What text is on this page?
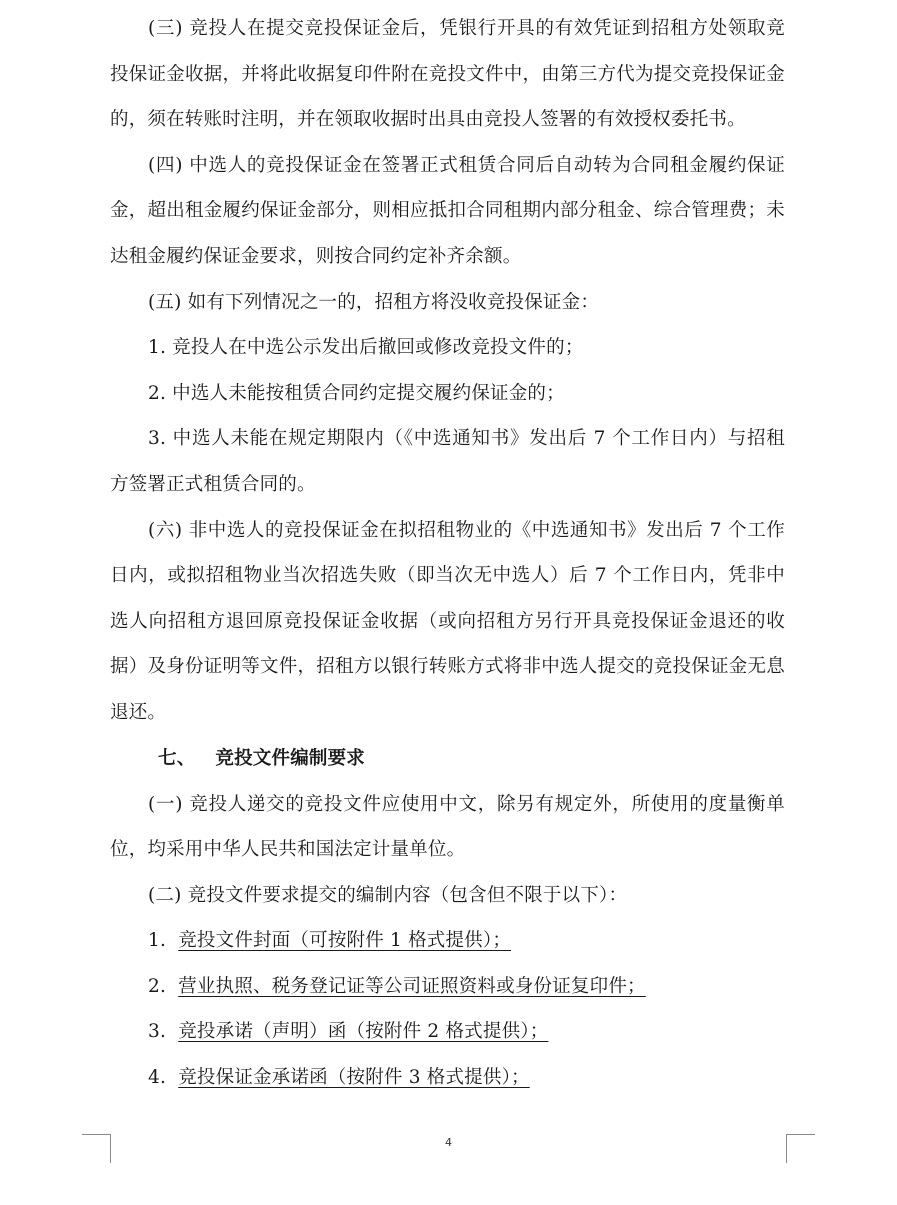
(三) 竞投人在提交竞投保证金后，凭银行开具的有效凭证到招租方处领取竞投保证金收据，并将此收据复印件附在竞投文件中，由第三方代为提交竞投保证金的，须在转账时注明，并在领取收据时出具由竞投人签署的有效授权委托书。

(四) 中选人的竞投保证金在签署正式租赁合同后自动转为合同租金履约保证金，超出租金履约保证金部分，则相应抵扣合同租期内部分租金、综合管理费；未达租金履约保证金要求，则按合同约定补齐余额。

(五) 如有下列情况之一的，招租方将没收竞投保证金：

1. 竞投人在中选公示发出后撤回或修改竞投文件的；

2. 中选人未能按租赁合同约定提交履约保证金的；

3. 中选人未能在规定期限内（《中选通知书》发出后 7 个工作日内）与招租方签署正式租赁合同的。

(六) 非中选人的竞投保证金在拟招租物业的《中选通知书》发出后 7 个工作日内，或拟招租物业当次招选失败（即当次无中选人）后 7 个工作日内，凭非中选人向招租方退回原竞投保证金收据（或向招租方另行开具竞投保证金退还的收据）及身份证明等文件，招租方以银行转账方式将非中选人提交的竞投保证金无息退还。

七、 竞投文件编制要求

(一) 竞投人递交的竞投文件应使用中文，除另有规定外，所使用的度量衡单位，均采用中华人民共和国法定计量单位。

(二) 竞投文件要求提交的编制内容（包含但不限于以下）：

1. 竞投文件封面（可按附件 1 格式提供）；

2. 营业执照、税务登记证等公司证照资料或身份证复印件；

3. 竞投承诺（声明）函（按附件 2 格式提供）；

4. 竞投保证金承诺函（按附件 3 格式提供）；

4
